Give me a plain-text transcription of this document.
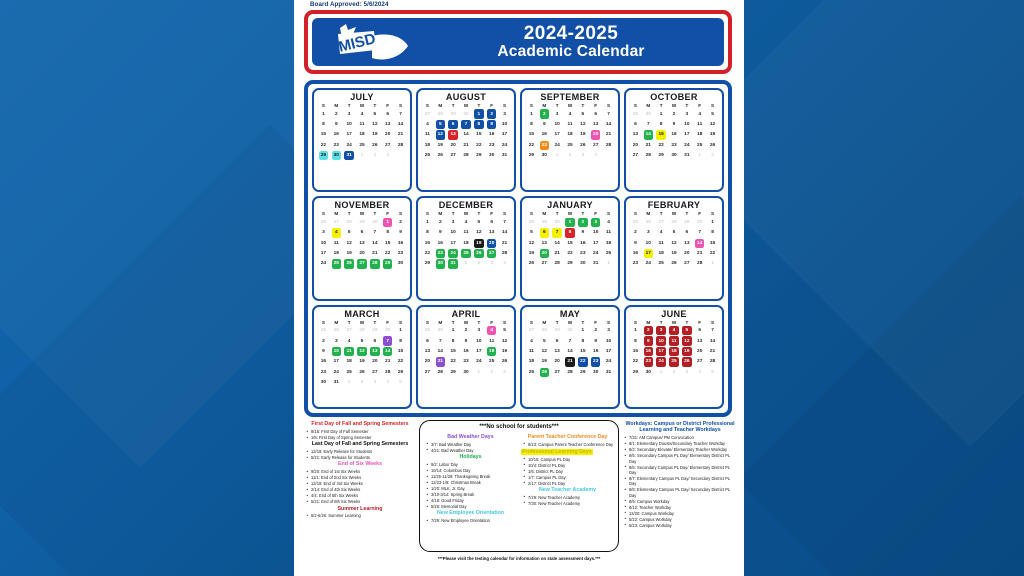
Board Approved: 5/6/2024
MISD	2024-2025
Academic Calendar
JULY
S	M	T	W	T	F	S
1	2	3	4	5	6	7
8	9	10	11	12	13	14
15	16	17	18	19	20	21
22	23	24	25	26	27	28
29	30	31	1	2	3
AUGUST
S	M	T	W	T	F	S
27	28	29	30	1	2	3
4	5	6	7	8	9	10
11	12	13	14	15	16	17
18	19	20	21	22	23	24
25	26	27	28	29	30	31
SEPTEMBER
S	M	T	W	T	F	S
1	2	3	4	5	6	7
8	9	10	11	12	13	14
15	16	17	18	19	20	21
22	23	24	25	26	27	28
29	30	1	2	3	4
OCTOBER
S	M	T	W	T	F	S
29	30	1	2	3	4	5
6	7	8	9	10	11	12
13	14	15	16	17	18	19
20	21	22	23	24	25	26
27	28	29	30	31	1	2
NOVEMBER
S	M	T	W	T	F	S
26	27	28	29	30	1	2
3	4	5	6	7	8	9
10	11	12	13	14	15	16
17	18	19	20	21	22	23
24	25	26	27	28	29	30
DECEMBER
S	M	T	W	T	F	S
1	2	3	4	5	6	7
8	9	10	11	12	13	14
15	16	17	18	19	20	21
22	23	24	25	26	27	28
29	30	31	1	2	3	4
JANUARY
S	M	T	W	T	F	S
28	29	30	1	2	3	4
5	6	7	8	9	10	11
12	13	14	15	16	17	18
19	20	21	22	23	24	25
26	27	28	29	30	31	1
FEBRUARY
S	M	T	W	T	F	S
25	26	27	28	29	30	1
2	3	4	5	6	7	8
9	10	11	12	13	14	15
16	17	18	19	20	21	22
23	24	25	26	27	28	1
MARCH
S	M	T	W	T	F	S
25	26	27	28	29	30	1
2	3	4	5	6	7	8
9	10	11	12	13	14	15
16	17	18	19	20	21	22
23	24	25	26	27	28	29
30	31	1	2	3	4	5
APRIL
S	M	T	W	T	F	S
29	30	1	2	3	4	5
6	7	8	9	10	11	12
13	14	15	16	17	18	19
20	21	22	23	24	25	26
27	28	29	30	1	2	3
MAY
S	M	T	W	T	F	S
27	28	29	30	1	2	3
4	5	6	7	8	9	10
11	12	13	14	15	16	17
18	19	20	21	22	23	24
25	26	27	28	29	30	31
JUNE
S	M	T	W	T	F	S
1	2	3	4	5	6	7
8	9	10	11	12	13	14
15	16	17	18	19	20	21
22	23	24	25	26	27	28
29	30	1	2	3	4	5
First Day of Fall and Spring Semesters
• 8/15: First Day of Fall Semester
• 1/8: First Day of Spring Semester
Last Day of Fall and Spring Semesters
• 12/19: Early Release for Students
• 5/21: Early Release for Students
End of Six Weeks
• 9/20: End of 1st Six Weeks
• 11/1: End of 2nd Six Weeks
• 12/19: End of 3rd Six Weeks
• 2/14: End of 4th Six Weeks
• 4/4: End of 5th Six Weeks
• 5/21: End of 6th Six Weeks
Summer Learning
• 6/2-6/26: Summer Learning
***No school for students***
Bad Weather Days
• 3/7: Bad Weather Day
• 4/21: Bad Weather Day
Holidays
• 9/2: Labor Day
• 10/14: Columbus Day
• 11/25-11/29: Thanksgiving Break
• 12/23-1/8: Christmas Break
• 1/20: MLK, Jr. Day
• 3/10-3/14: Spring Break
• 4/18: Good Friday
• 5/26: Memorial Day
New Employee Orientation
• 7/29: New Employee Orientation
Parent Teacher Conference Day
• 9/23: Campus Parent Teacher Conference Day
Professional Learning Days
• 10/15: Campus PL Day
• 10/4: District PL Day
• 1/6: District PL Day
• 1/7: Campus PL Day
• 2/17: District PL Day
New Teacher Academy
• 7/29: New Teacher Academy
• 7/30: New Teacher Academy
***Please visit the testing calendar for information on state assessment days.***
Workdays: Campus or District Professional Learning and Teacher Workdays
• 7/31: AM Campus/ PM Convocation
• 8/1: Elementary Dousts/Secondary Teacher Workday
• 8/2: Secondary Elevate/ Elementary Teacher Workday
• 8/5: Secondary Campus PL Day/ Elementary District PL Day
• 8/6: Secondary Campus PL Day/ Elementary District PL Day
• 8/7: Elementary Campus PL Day/ Secondary District PL Day
• 8/8: Elementary Campus PL Day/ Secondary District PL Day
• 8/9: Campus Workday
• 8/12: Teacher Workday
• 12/20: Campus Workday
• 5/22: Campus Workday
• 5/23: Campus Workday
